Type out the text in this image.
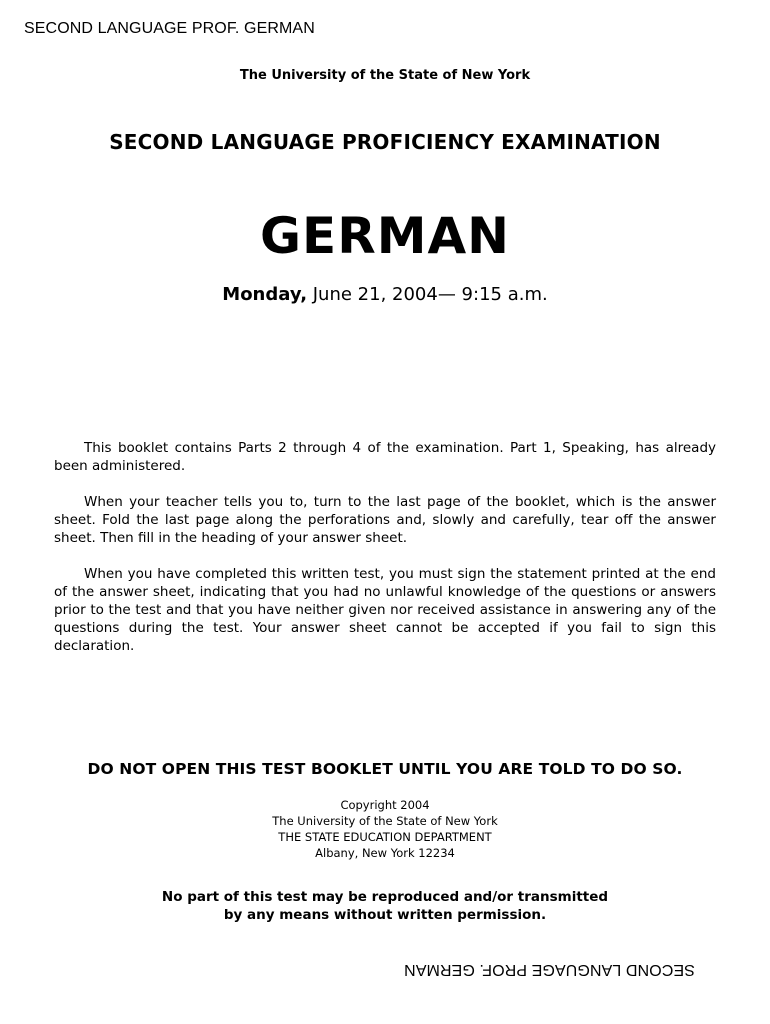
SECOND LANGUAGE PROF. GERMAN
The University of the State of New York
SECOND LANGUAGE PROFICIENCY EXAMINATION
GERMAN
Monday, June 21, 2004— 9:15 a.m.

This booklet contains Parts 2 through 4 of the examination. Part 1, Speaking, has already been administered.

When your teacher tells you to, turn to the last page of the booklet, which is the answer sheet. Fold the last page along the perforations and, slowly and carefully, tear off the answer sheet. Then fill in the heading of your answer sheet.

When you have completed this written test, you must sign the statement printed at the end of the answer sheet, indicating that you had no unlawful knowledge of the questions or answers prior to the test and that you have neither given nor received assistance in answering any of the questions during the test. Your answer sheet cannot be accepted if you fail to sign this declaration.

DO NOT OPEN THIS TEST BOOKLET UNTIL YOU ARE TOLD TO DO SO.
Copyright 2004
The University of the State of New York
THE STATE EDUCATION DEPARTMENT
Albany, New York 12234
No part of this test may be reproduced and/or transmitted
by any means without written permission.
SECOND LANGUAGE PROF. GERMAN
